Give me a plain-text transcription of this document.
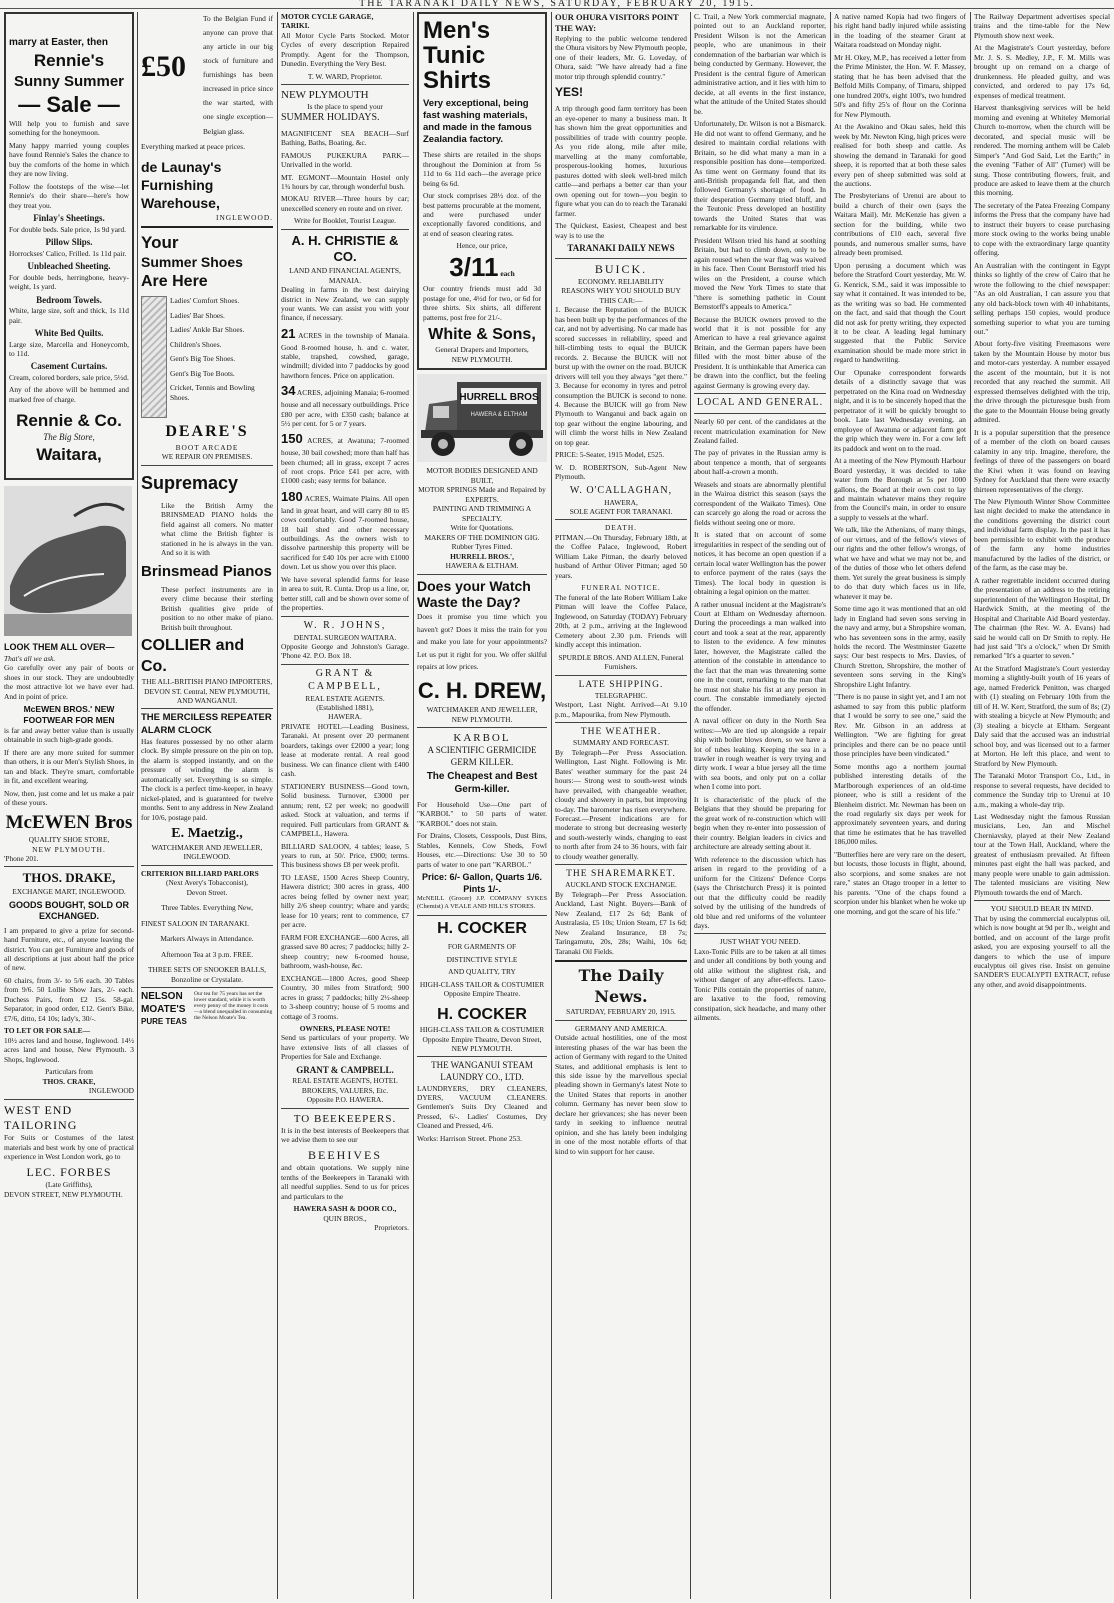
THE TARANAKI DAILY NEWS, SATURDAY, FEBRUARY 20, 1915.
marry at Easter, then
Rennie's
Sunny Summer
— Sale —

Will help you to furnish and save something for the honeymoon.

Many happy married young couples have found Rennie's Sales the chance to buy the comforts of the home in which they are now living.

Follow the footsteps of the wise—let Rennie's do their share—here's how they treat you.

Finlay's Sheetings.

For double beds. Sale price, 1s 9d yard.

Pillow Slips.

Horrockses' Calico, Frilled. 1s 11d pair.

Unbleached Sheeting.

For double beds, herringbone, heavy-weight, 1s yard.

Bedroom Towels.

White, large size, soft and thick, 1s 11d pair.

White Bed Quilts.

Large size, Marcella and Honeycomb, to 11d.

Casement Curtains.

Cream, colored borders, sale price, 5½d.

Any of the above will be hemmed and marked free of charge.

Rennie & Co.
The Big Store,
Waitara,
LOOK THEM ALL OVER—
That's all we ask.

Go carefully over any pair of boots or shoes in our stock. They are undoubtedly the most attractive lot we have ever had. And in point of price.

McEWEN BROS.' NEW FOOTWEAR FOR MEN

is far and away better value than is usually obtainable in such high-grade goods.

If there are any more suited for summer than others, it is our Men's Stylish Shoes, in tan and black. They're smart, comfortable in fit, and excellent wearing.

Now, then, just come and let us make a pair of these yours.

McEWEN Bros
QUALITY SHOE STORE,
NEW PLYMOUTH.
'Phone 201.
THOS. DRAKE,
EXCHANGE MART, INGLEWOOD.
GOODS BOUGHT, SOLD OR EXCHANGED.

I am prepared to give a prize for second-hand Furniture, etc., of anyone leaving the district. You can get Furniture and goods of all descriptions at just about half the price of new.

60 chairs, from 3/- to 5/6 each. 30 Tables from 9/6. 50 Lollie Show Jars, 2/- each. Duchess Pairs, from £2 15s. 58-gal. Separator, in good order, £12. Gent's Bike, £7/6, ditto, £4 10s; lady's, 30/-.

TO LET OR FOR SALE—

10½ acres land and house, Inglewood. 14½ acres land and house, New Plymouth. 3 Shops, Inglewood.

Particulars from
THOS. CRAKE,
INGLEWOOD
WEST END TAILORING

For Suits or Costumes of the latest materials and best work by one of practical experience in West London work, go to

LEC. FORBES
(Late Griffiths),
DEVON STREET, NEW PLYMOUTH.
£50

To the Belgian Fund if anyone can prove that any article in our big stock of furniture and furnishings has been increased in price since the war started, with one single exception—Belgian glass.

Everything marked at peace prices.

de Launay's Furnishing Warehouse,
INGLEWOOD.
Your
Summer Shoes
Are Here
Ladies' Comfort Shoes.
Ladies' Bar Shoes.
Ladies' Ankle Bar Shoes.
Children's Shoes.
Gent's Big Toe Shoes.
Gent's Big Toe Boots.
Cricket, Tennis and Bowling Shoes.
DEARE'S
BOOT ARCADE
WE REPAIR ON PREMISES.
Supremacy

Like the British Army the BRINSMEAD PIANO holds the field against all comers. No matter what clime the British fighter is stationed in he is always in the van. And so it is with

Brinsmead Pianos

These perfect instruments are in every clime because their sterling British qualities give pride of position to no other make of piano. British built throughout.

COLLIER and Co.
THE ALL-BRITISH PIANO IMPORTERS,
DEVON ST. Central, NEW PLYMOUTH, AND WANGANUI.
THE MERCILESS REPEATER ALARM CLOCK

Has features possessed by no other alarm clock. By simple pressure on the pin on top, the alarm is stopped instantly, and on the pressure of winding the alarm is automatically set. Everything is so simple. The clock is a perfect time-keeper, in heavy nickel-plated, and is guaranteed for twelve months. Sent to any address in New Zealand for 10/6, postage paid.

E. Maetzig.,
WATCHMAKER AND JEWELLER, INGLEWOOD.
CRITERION BILLIARD PARLORS
(Next Avery's Tobacconist),
Devon Street.
Three Tables. Everything New,
FINEST SALOON IN TARANAKI.
Markers Always in Attendance.
Afternoon Tea at 3 p.m. FREE.
THREE SETS OF SNOOKER BALLS,
Bonzoline or Crystalate.
NELSON
MOATE'S
PURE TEAS
Our tea for 75 years has set the lower standard, while it is worth every penny of the money it costs—a blend unequalled in consuming the Nelson Moate's Tea.
MOTOR CYCLE GARAGE,
TARIKI.

All Motor Cycle Parts Stocked. Motor Cycles of every description Repaired Promptly. Agent for the Thompson, Dunedin. Everything the Very Best.

T. W. WARD, Proprietor.
NEW PLYMOUTH
Is the place to spend your
SUMMER HOLIDAYS.

MAGNIFICENT SEA BEACH—Surf Bathing, Baths, Boating, &c.

FAMOUS PUKEKURA PARK—Unrivalled in the world.

MT. EGMONT—Mountain Hostel only 1¾ hours by car, through wonderful bush.

MOKAU RIVER—Three hours by car; unexcelled scenery en route and on river.

Write for Booklet, Tourist League.
A. H. CHRISTIE & CO.
LAND AND FINANCIAL AGENTS,
MANAIA.

Dealing in farms in the best dairying district in New Zealand, we can supply your wants. We can assist you with your finance, if necessary.

21 ACRES in the township of Manaia. Good 8-roomed house, h. and c. water, stable, trapshed, cowshed, garage, windmill; divided into 7 paddocks by good hawthorn fences. Price on application.

34 ACRES, adjoining Manaia; 6-roomed house and all necessary outbuildings. Price £80 per acre, with £350 cash; balance at 5½ per cent. for 5 or 7 years.

150 ACRES, at Awatuna; 7-roomed house, 30 bail cowshed; more than half has been churned; all in grass, except 7 acres of root crops. Price £41 per acre, with £1000 cash; easy terms for balance.

180 ACRES, Waimate Plains. All open land in great heart, and will carry 80 to 85 cows comfortably. Good 7-roomed house, 18 bail shed and other necessary outbuildings. As the owners wish to dissolve partnership this property will be sacrificed for £40 10s per acre with £1000 down. Let us show you over this place.

We have several splendid farms for lease in area to suit, R. Cunta. Drop us a line, or, better still, call and be shown over some of the properties.

W. R. JOHNS,
DENTAL SURGEON WAITARA.

Opposite George and Johnston's Garage. 'Phone 42. P.O. Box 18.

GRANT & CAMPBELL,
REAL ESTATE AGENTS.
(Established 1881),
HAWERA.

PRIVATE HOTEL—Leading Business, Taranaki. At present over 20 permanent boarders, takings over £2000 a year; long lease at moderate rental. A real good business. We can finance client with £400 cash.

STATIONERY BUSINESS—Good town, Solid business. Turnover, £3000 per annum; rent, £2 per week; no goodwill asked. Stock at valuation, and terms if required. Full particulars from GRANT & CAMPBELL, Hawera.

BILLIARD SALOON, 4 tables; lease, 5 years to run, at 50/. Price, £900; terms. This business shows £8 per week profit.

TO LEASE, 1500 Acres Sheep Country, Hawera district; 300 acres in grass, 400 acres being felled by owner next year; hilly 2/6 sheep country; whare and yards; lease for 10 years; rent to commence, £7 per acre.

FARM FOR EXCHANGE—600 Acres, all grassed save 80 acres; 7 paddocks; hilly 2-sheep country; new 6-roomed house, bathroom, wash-house, &c.

EXCHANGE—1800 Acres, good Sheep Country, 30 miles from Stratford; 900 acres in grass; 7 paddocks; hilly 2½-sheep to 3-sheep country; house of 5 rooms and cottage of 3 rooms.

OWNERS, PLEASE NOTE!

Send us particulars of your property. We have extensive lists of all classes of Properties for Sale and Exchange.

GRANT & CAMPBELL.
REAL ESTATE AGENTS, HOTEL BROKERS, VALUERS, Etc.
Opposite P.O. HAWERA.
TO BEEKEEPERS.

It is in the best interests of Beekeepers that we advise them to see our

BEEHIVES

and obtain quotations. We supply nine tenths of the Beekeepers in Taranaki with all needful supplies. Send to us for prices and particulars to the

HAWERA SASH & DOOR CO.,
QUIN BROS.,
Proprietors.
Men's
Tunic
Shirts
Very exceptional, being fast washing materials, and made in the famous Zealandia factory.

These shirts are retailed in the shops throughout the Dominion at from 5s 11d to 6s 11d each—the average price being 6s 6d.

Our stock comprises 28½ doz. of the best patterns procurable at the moment, and were purchased under exceptionally favored conditions, and at end of season clearing rates.

Hence, our price,
3/11 each

Our country friends must add 3d postage for one, 4½d for two, or 6d for three shirts. Six shirts, all different patterns, post free for 21/-.

White & Sons,
General Drapers and Importers,
NEW PLYMOUTH.
HURRELL BROS
HAWERA & ELTHAM
MOTOR BODIES DESIGNED AND BUILT,
MOTOR SPRINGS Made and Repaired by EXPERTS.
PAINTING AND TRIMMING A SPECIALTY.
Write for Quotations.
MAKERS OF THE DOMINION GIG.
Rubber Tyres Fitted.
HURRELL BROS.',
HAWERA & ELTHAM.
Does your Watch Waste the Day?

Does it promise you time which you haven't got? Does it miss the train for you and make you late for your appointments? Let us put it right for you. We offer skilful repairs at low prices.

C. H. DREW,
WATCHMAKER AND JEWELLER,
NEW PLYMOUTH.
KARBOL
A SCIENTIFIC GERMICIDE GERM KILLER.
The Cheapest and Best Germ-killer.

For Household Use—One part of "KARBOL" to 50 parts of water. "KARBOL" does not stain.

For Drains, Closets, Cesspools, Dust Bins, Stables, Kennels, Cow Sheds, Fowl Houses, etc.—Directions: Use 30 to 50 parts of water to one part "KARBOL."

Price: 6/- Gallon, Quarts 1/6. Pints 1/-.

McNEILL (Grocer) J.P. COMPANY SYKES (Chemist) A VEALE AND HILL'S STORES.

H. COCKER
FOR GARMENTS OF
DISTINCTIVE STYLE
AND QUALITY, TRY
HIGH-CLASS TAILOR & COSTUMIER
Opposite Empire Theatre.
H. COCKER
HIGH-CLASS TAILOR & COSTUMIER
Opposite Empire Theatre, Devon Street,
NEW PLYMOUTH.
THE WANGANUI STEAM LAUNDRY CO., LTD.

LAUNDRYERS, DRY CLEANERS, DYERS, VACUUM CLEANERS. Gentlemen's Suits Dry Cleaned and Pressed, 6/-. Ladies' Costumes, Dry Cleaned and Pressed, 4/6.

Works: Harrison Street. Phone 253.
OUR OHURA VISITORS POINT THE WAY:

Replying to the public welcome tendered the Ohura visitors by New Plymouth people, one of their leaders, Mr. G. Loveday, of Ohura, said: "We have already had a fine motor trip through splendid country."

YES!

A trip through good farm territory has been an eye-opener to many a business man. It has shown him the great opportunities and possibilities of trade with country people. As you ride along, mile after mile, marvelling at the many comfortable, prosperous-looking homes, luxurious pastures dotted with sleek well-bred milch cattle—and perhaps a better car than your own opening out for town—you begin to figure what you can do to reach the Taranaki farmer.

The Quickest, Easiest, Cheapest and best way is to use the

TARANAKI DAILY NEWS
BUICK.
ECONOMY. RELIABILITY
REASONS WHY YOU SHOULD BUY THIS CAR:—

1. Because the Reputation of the BUICK has been built up by the performances of the car, and not by advertising. No car made has scored successes in reliability, speed and hill-climbing tests to equal the BUICK records. 2. Because the BUICK will not burst up with the owner on the road. BUICK drivers will tell you they always "get there." 3. Because for economy in tyres and petrol consumption the BUICK is second to none. 4. Because the BUICK will go from New Plymouth to Wanganui and back again on top gear without the engine labouring, and will climb the worst hills in New Zealand on top gear.

PRICE: 5-Seater, 1915 Model, £525.

W. D. ROBERTSON, Sub-Agent New Plymouth.

W. O'CALLAGHAN,
HAWERA,
SOLE AGENT FOR TARANAKI.
DEATH.

PITMAN.—On Thursday, February 18th, at the Coffee Palace, Inglewood, Robert William Lake Pitman, the dearly beloved husband of Arthur Oliver Pitman; aged 50 years.

FUNERAL NOTICE.

The funeral of the late Robert William Lake Pitman will leave the Coffee Palace, Inglewood, on Saturday (TODAY) February 20th, at 2 p.m., arriving at the Inglewood Cemetery about 2.30 p.m. Friends will kindly accept this intimation.

SPURDLE BROS. AND ALLEN, Funeral Furnishers.
LATE SHIPPING.
TELEGRAPHIC.

Westport, Last Night. Arrived—At 9.10 p.m., Mapourika, from New Plymouth.

THE WEATHER.
SUMMARY AND FORECAST.

By Telegraph—Per Press Association. Wellington, Last Night. Following is Mr. Bates' weather summary for the past 24 hours:— Strong west to south-west winds have prevailed, with changeable weather, cloudy and showery in parts, but improving to-day. The barometer has risen everywhere. Forecast.—Present indications are for moderate to strong but decreasing westerly and south-westerly winds, changing to east to north after from 24 to 36 hours, with fair to cloudy weather generally.

THE SHAREMARKET.
AUCKLAND STOCK EXCHANGE.

By Telegraph—Per Press Association. Auckland, Last Night. Buyers—Bank of New Zealand, £17 2s 6d; Bank of Australasia, £5 10s; Union Steam, £7 1s 6d; New Zealand Insurance, £8 7s; Taringamutu, 20s, 28s; Waihi, 10s 6d; Taranaki Oil Fields.

The Daily News.
SATURDAY, FEBRUARY 20, 1915.
GERMANY AND AMERICA.

Outside actual hostilities, one of the most interesting phases of the war has been the action of Germany with regard to the United States, and additional emphasis is lent to this side issue by the marvellous special pleading shown in Germany's latest Note to the United States that reports in another column. Germany has never been slow to declare her grievances; she has never been tardy in seeking to influence neutral opinion, and she has lately been indulging in one of the most notable efforts of that kind to win support for her cause.

C. Trail, a New York commercial magnate, pointed out to an Auckland reporter, President Wilson is not the American people, who are unanimous in their condemnation of the barbarian war which is being conducted by Germany. However, the President is the central figure of American administrative action, and it lies with him to decide, at all events in the first instance, what the attitude of the United States should be.

Unfortunately, Dr. Wilson is not a Bismarck. He did not want to offend Germany, and he desired to maintain cordial relations with Britain, so he did what many a man in a responsible position has done—temporized. As time went on Germany found that its anti-British propaganda fell flat, and then followed Germany's shortage of food. In their desperation Germany tried bluff, and the Teutonic Press developed an hostility towards the United States that was remarkable for its virulence.

President Wilson tried his hand at soothing Britain, but had to climb down, only to be again roused when the war flag was waived in his face. Then Count Bernstorff tried his wiles on the President, a course which moved the New York Times to state that "there is something pathetic in Count Bernstorff's appeals to America."

Because the BUICK owners proved to the world that it is not possible for any American to have a real grievance against Britain, and the German papers have been filled with the most bitter abuse of the President. It is unthinkable that America can be drawn into the conflict, but the feeling against Germany is growing every day.

LOCAL AND GENERAL.

Nearly 60 per cent. of the candidates at the recent matriculation examination for New Zealand failed.

The pay of privates in the Russian army is about tenpence a month, that of sergeants about half-a-crown a month.

Weasels and stoats are abnormally plentiful in the Wairoa district this season (says the correspondent of the Waikato Times). One can scarcely go along the road or across the fields without seeing one or more.

It is stated that on account of some irregularities in respect of the sending out of notices, it has become an open question if a certain local water Wellington has the power to enforce payment of the rates (says the Times). The local body in question is obtaining a legal opinion on the matter.

A rather unusual incident at the Magistrate's Court at Eltham on Wednesday afternoon. During the proceedings a man walked into court and took a seat at the rear, apparently to listen to the evidence. A few minutes later, however, the Magistrate called the attention of the constable in attendance to the fact that the man was threatening some one in the court, remarking to the man that he must not shake his fist at any person in court. The constable immediately ejected the offender.

A naval officer on duty in the North Sea writes:—We are tied up alongside a repair ship with boiler blows down, so we have a lot of tubes leaking. Keeping the sea in a trawler in rough weather is very trying and dirty work. I wear a blue jersey all the time with sea boots, and only put on a collar when I come into port.

It is characteristic of the pluck of the Belgians that they should be preparing for the great work of re-construction which will begin when they re-enter into possession of their country. Belgian leaders in civics and architecture are already setting about it.

With reference to the discussion which has arisen in regard to the providing of a uniform for the Citizens' Defence Corps (says the Christchurch Press) it is pointed out that the difficulty could be readily solved by the utilising of the hundreds of old blue and red uniforms of the volunteer days.

JUST WHAT YOU NEED.

Laxo-Tonic Pills are to be taken at all times and under all conditions by both young and old alike without the slightest risk, and without danger of any after-effects. Laxo-Tonic Pills contain the properties of nature, are laxative to the food, removing constipation, sick headache, and many other ailments.

A native named Kopia had two fingers of his right hand badly injured while assisting in the loading of the steamer Grant at Waitara roadstead on Monday night.

Mr H. Okey, M.P., has received a letter from the Prime Minister, the Hon. W. F. Massey, stating that he has been advised that the Belfold Mills Company, of Timaru, shipped one hundred 200's, eight 100's, two hundred 50's and fifty 25's of flour on the Corinna for New Plymouth.

At the Awakino and Okau sales, held this week by Mr. Newton King, high prices were realised for both sheep and cattle. As showing the demand in Taranaki for good sheep, it is reported that at both these sales every pen of sheep submitted was sold at the auctions.

The Presbyterians of Urenui are about to build a church of their own (says the Waitara Mail). Mr. McKenzie has given a section for the building, while two contributions of £10 each, several five pounds, and numerous smaller sums, have already been promised.

Upon perusing a document which was before the Stratford Court yesterday, Mr. W. G. Kenrick, S.M., said it was impossible to say what it contained. It was intended to be, as the writing was so bad. He commented on the fact, and said that though the Court did not ask for pretty writing, they expected it to be clear. A leading legal luminary suggested that the Public Service examination should be made more strict in regard to handwriting.

Our Opunake correspondent forwards details of a distinctly savage that was perpetrated on the Kina road on Wednesday night, and it is to be sincerely hoped that the perpetrator of it will be quickly brought to book. Late last Wednesday evening, an employee of Awatuna or adjacent farm got the grip which they were in. For a cow left its paddock and went on to the road.

At a meeting of the New Plymouth Harbour Board yesterday, it was decided to take water from the Borough at 5s per 1000 gallons, the Board at their own cost to lay and maintain whatever mains they require from the Council's main, in order to ensure a supply to vessels at the wharf.

We talk, like the Athenians, of many things, of our virtues, and of the fellow's views of our rights and the other fellow's wrongs, of what we have and what we may not be, and of the duties of those who let others defend them. Yet surely the great business is simply to do that duty which faces us in life, whatever it may be.

Some time ago it was mentioned that an old lady in England had seven sons serving in the navy and army, but a Shropshire woman, who has seventeen sons in the army, easily holds the record. The Westminster Gazette says: Our best respects to Mrs. Davies, of Church Stretton, Shropshire, the mother of seventeen sons serving in the King's Shropshire Light Infantry.

"There is no pause in sight yet, and I am not ashamed to say from this public platform that I would be sorry to see one," said the Rev. Mr. Gibson in an address at Wellington. "We are fighting for great principles and there can be no peace until those principles have been vindicated."

Some months ago a northern journal published interesting details of the Marlborough experiences of an old-time pioneer, who is still a resident of the Blenheim district. Mr. Newman has been on the road regularly six days per week for approximately seventeen years, and during that time he estimates that he has travelled 186,000 miles.

"Butterflies here are very rare on the desert, but locusts, those locusts in flight, abound, also scorpions, and some snakes are not rare," states an Otago trooper in a letter to his parents. "One of the chaps found a scorpion under his blanket when he woke up one morning, and got the scare of his life."

The Railway Department advertises special trains and the time-table for the New Plymouth show next week.

At the Magistrate's Court yesterday, before Mr. J. S. S. Medley, J.P., F. M. Mills was brought up on remand on a charge of drunkenness. He pleaded guilty, and was convicted, and ordered to pay 17s 6d, expenses of medical treatment.

Harvest thanksgiving services will be held morning and evening at Whiteley Memorial Church to-morrow, when the church will be decorated, and special music will be rendered. The morning anthem will be Caleb Simper's "And God Said, Let the Earth;" in the evening "Father of All" (Turner) will be sung. Those contributing flowers, fruit, and produce are asked to leave them at the church this morning.

The secretary of the Patea Freezing Company informs the Press that the company have had to instruct their buyers to cease purchasing more stock owing to the works being unable to cope with the extraordinary large quantity offering.

An Australian with the contingent in Egypt thinks so lightly of the crew of Cairo that he wrote the following to the chief newspaper: "As an old Australian, I can assure you that any old back-block town with 40 inhabitants, selling perhaps 150 copies, would produce something superior to what you are turning out."

About forty-five visiting Freemasons were taken by the Mountain House by motor bus and motor-cars yesterday. A number essayed the ascent of the mountain, but it is not recorded that any reached the summit. All expressed themselves delighted with the trip, the drive through the picturesque bush from the gate to the Mountain House being greatly admired.

It is a popular superstition that the presence of a member of the cloth on board causes calamity in any trip. Imagine, therefore, the feelings of three of the passengers on board the Kiwi when it was found on leaving Sydney for Auckland that there were exactly thirteen representatives of the clergy.

The New Plymouth Winter Show Committee last night decided to make the attendance in the conditions governing the district court and individual farm display. In the past it has been permissible to exhibit with the produce of the farm any home industries manufactured by the ladies of the district, or of the farm, as the case may be.

A rather regrettable incident occurred during the presentation of an address to the retiring superintendent of the Wellington Hospital, Dr Hardwick Smith, at the meeting of the Hospital and Charitable Aid Board yesterday. The chairman (the Rev. W. A. Evans) had said he would call on Dr Smith to reply. He had just said "It's a o'clock," when Dr Smith remarked "It's a quarter to seven."

At the Stratford Magistrate's Court yesterday morning a slightly-built youth of 16 years of age, named Frederick Penitton, was charged with (1) stealing on February 10th from the till of H. W. Kerr, Stratford, the sum of 8s; (2) with stealing a bicycle at New Plymouth; and (3) stealing a bicycle at Eltham. Sergeant Daly said that the accused was an industrial school boy, and was licensed out to a farmer at Morton. He left this place, and went to Stratford by New Plymouth.

The Taranaki Motor Transport Co., Ltd., in response to several requests, have decided to commence the Sunday trip to Urenui at 10 a.m., making a whole-day trip.

Last Wednesday night the famous Russian musicians, Leo, Jan and Mischel Cherniavsky, played at their New Zealand tour at the Town Hall, Auckland, where the greatest of enthusiasm prevailed. At fifteen minutes past eight the hall was packed, and many people were unable to gain admission. The talented musicians are visiting New Plymouth towards the end of March.

YOU SHOULD BEAR IN MIND.

That by using the commercial eucalyptus oil, which is now bought at 9d per lb., weight and bottled, and on account of the large profit asked, you are exposing yourself to all the dangers to which the use of impure eucalyptus oil gives rise. Insist on genuine SANDER'S EUCALYPTI EXTRACT, refuse any other, and avoid disappointments.
